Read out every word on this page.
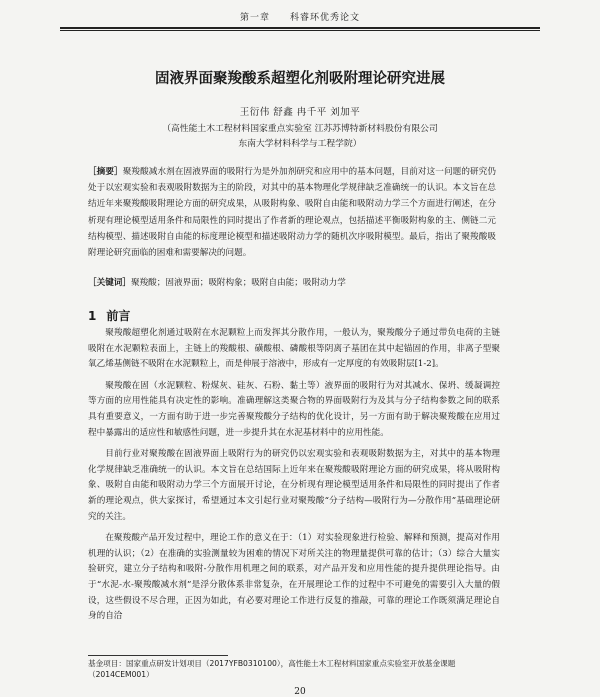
第一章 科睿环优秀论文
固液界面聚羧酸系超塑化剂吸附理论研究进展
王衍伟 舒鑫 冉千平 刘加平
（高性能土木工程材料国家重点实验室 江苏苏博特新材料股份有限公司
东南大学材料科学与工程学院）
［摘要］聚羧酸减水剂在固液界面的吸附行为是外加剂研究和应用中的基本问题，目前对这一问题的研究仍处于以宏观实验和表观吸附数据为主的阶段，对其中的基本物理化学规律缺乏准确统一的认识。本文旨在总结近年来聚羧酸吸附理论方面的研究成果，从吸附构象、吸附自由能和吸附动力学三个方面进行阐述，在分析现有理论模型适用条件和局限性的同时提出了作者新的理论观点，包括描述平衡吸附构象的主、侧链二元结构模型、描述吸附自由能的标度理论模型和描述吸附动力学的随机次序吸附模型。最后，指出了聚羧酸吸附理论研究面临的困难和需要解决的问题。
［关键词］聚羧酸；固液界面；吸附构象；吸附自由能；吸附动力学
1 前言

聚羧酸超塑化剂通过吸附在水泥颗粒上而发挥其分散作用，一般认为，聚羧酸分子通过带负电荷的主链吸附在水泥颗粒表面上，主链上的羧酸根、磺酸根、磷酸根等阴离子基团在其中起锚固的作用，非离子型聚氧乙烯基侧链不吸附在水泥颗粒上，而是伸展于溶液中，形成有一定厚度的有效吸附层[1-2]。

聚羧酸在固（水泥颗粒、粉煤灰、硅灰、石粉、黏土等）液界面的吸附行为对其减水、保坍、缓凝调控等方面的应用性能具有决定性的影响。准确理解这类聚合物的界面吸附行为及其与分子结构参数之间的联系具有重要意义，一方面有助于进一步完善聚羧酸分子结构的优化设计，另一方面有助于解决聚羧酸在应用过程中暴露出的适应性和敏感性问题，进一步提升其在水泥基材料中的应用性能。

目前行业对聚羧酸在固液界面上吸附行为的研究仍以宏观实验和表观吸附数据为主，对其中的基本物理化学规律缺乏准确统一的认识。本文旨在总结国际上近年来在聚羧酸吸附理论方面的研究成果，将从吸附构象、吸附自由能和吸附动力学三个方面展开讨论，在分析现有理论模型适用条件和局限性的同时提出了作者新的理论观点，供大家探讨，希望通过本文引起行业对聚羧酸“分子结构—吸附行为—分散作用”基础理论研究的关注。

在聚羧酸产品开发过程中，理论工作的意义在于：（1）对实验现象进行检验、解释和预测，提高对作用机理的认识；（2）在准确的实验测量较为困难的情况下对所关注的物理量提供可靠的估计；（3）综合大量实验研究，建立分子结构和吸附-分散作用机理之间的联系，对产品开发和应用性能的提升提供理论指导。由于“水泥-水-聚羧酸减水剂”是浮分散体系非常复杂，在开展理论工作的过程中不可避免的需要引入大量的假设，这些假设不尽合理，正因为如此，有必要对理论工作进行反复的推敲，可靠的理论工作既须满足理论自身的自洽

基金项目：国家重点研发计划项目（2017YFB0310100），高性能土木工程材料国家重点实验室开放基金课题（2014CEM001）
20
